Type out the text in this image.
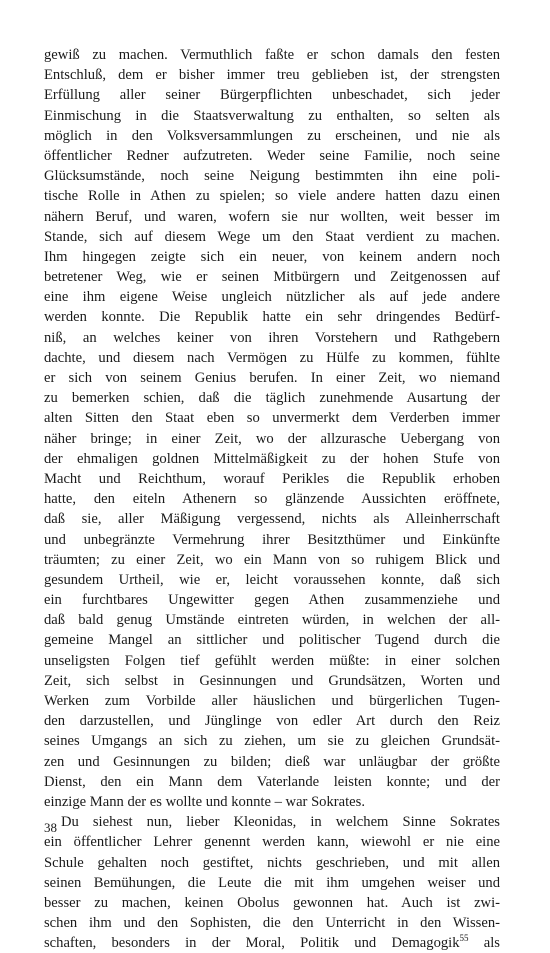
gewiß zu machen. Vermuthlich faßte er schon damals den festen
Entschluß, dem er bisher immer treu geblieben ist, der strengsten
Erfüllung aller seiner Bürgerpflichten unbeschadet, sich jeder
Einmischung in die Staatsverwaltung zu enthalten, so selten als
möglich in den Volksversammlungen zu erscheinen, und nie als
öffentlicher Redner aufzutreten. Weder seine Familie, noch seine
Glücksumstände, noch seine Neigung bestimmten ihn eine poli-
tische Rolle in Athen zu spielen; so viele andere hatten dazu einen
nähern Beruf, und waren, wofern sie nur wollten, weit besser im
Stande, sich auf diesem Wege um den Staat verdient zu machen.
Ihm hingegen zeigte sich ein neuer, von keinem andern noch
betretener Weg, wie er seinen Mitbürgern und Zeitgenossen auf
eine ihm eigene Weise ungleich nützlicher als auf jede andere
werden konnte. Die Republik hatte ein sehr dringendes Bedürf-
niß, an welches keiner von ihren Vorstehern und Rathgebern
dachte, und diesem nach Vermögen zu Hülfe zu kommen, fühlte
er sich von seinem Genius berufen. In einer Zeit, wo niemand
zu bemerken schien, daß die täglich zunehmende Ausartung der
alten Sitten den Staat eben so unvermerkt dem Verderben immer
näher bringe; in einer Zeit, wo der allzurasche Uebergang von
der ehmaligen goldnen Mittelmäßigkeit zu der hohen Stufe von
Macht und Reichthum, worauf Perikles die Republik erhoben
hatte, den eiteln Athenern so glänzende Aussichten eröffnete,
daß sie, aller Mäßigung vergessend, nichts als Alleinherrschaft
und unbegränzte Vermehrung ihrer Besitzthümer und Einkünfte
träumten; zu einer Zeit, wo ein Mann von so ruhigem Blick und
gesundem Urtheil, wie er, leicht voraussehen konnte, daß sich
ein furchtbares Ungewitter gegen Athen zusammenziehe und
daß bald genug Umstände eintreten würden, in welchen der all-
gemeine Mangel an sittlicher und politischer Tugend durch die
unseligsten Folgen tief gefühlt werden müßte: in einer solchen
Zeit, sich selbst in Gesinnungen und Grundsätzen, Worten und
Werken zum Vorbilde aller häuslichen und bürgerlichen Tugen-
den darzustellen, und Jünglinge von edler Art durch den Reiz
seines Umgangs an sich zu ziehen, um sie zu gleichen Grundsät-
zen und Gesinnungen zu bilden; dieß war unläugbar der größte
Dienst, den ein Mann dem Vaterlande leisten konnte; und der
einzige Mann der es wollte und konnte – war Sokrates.
Du siehest nun, lieber Kleonidas, in welchem Sinne Sokrates
ein öffentlicher Lehrer genennt werden kann, wiewohl er nie eine
Schule gehalten noch gestiftet, nichts geschrieben, und mit allen
seinen Bemühungen, die Leute die mit ihm umgehen weiser und
besser zu machen, keinen Obolus gewonnen hat. Auch ist zwi-
schen ihm und den Sophisten, die den Unterricht in den Wissen-
schaften, besonders in der Moral, Politik und Demagogik$^{55}$ als
38
